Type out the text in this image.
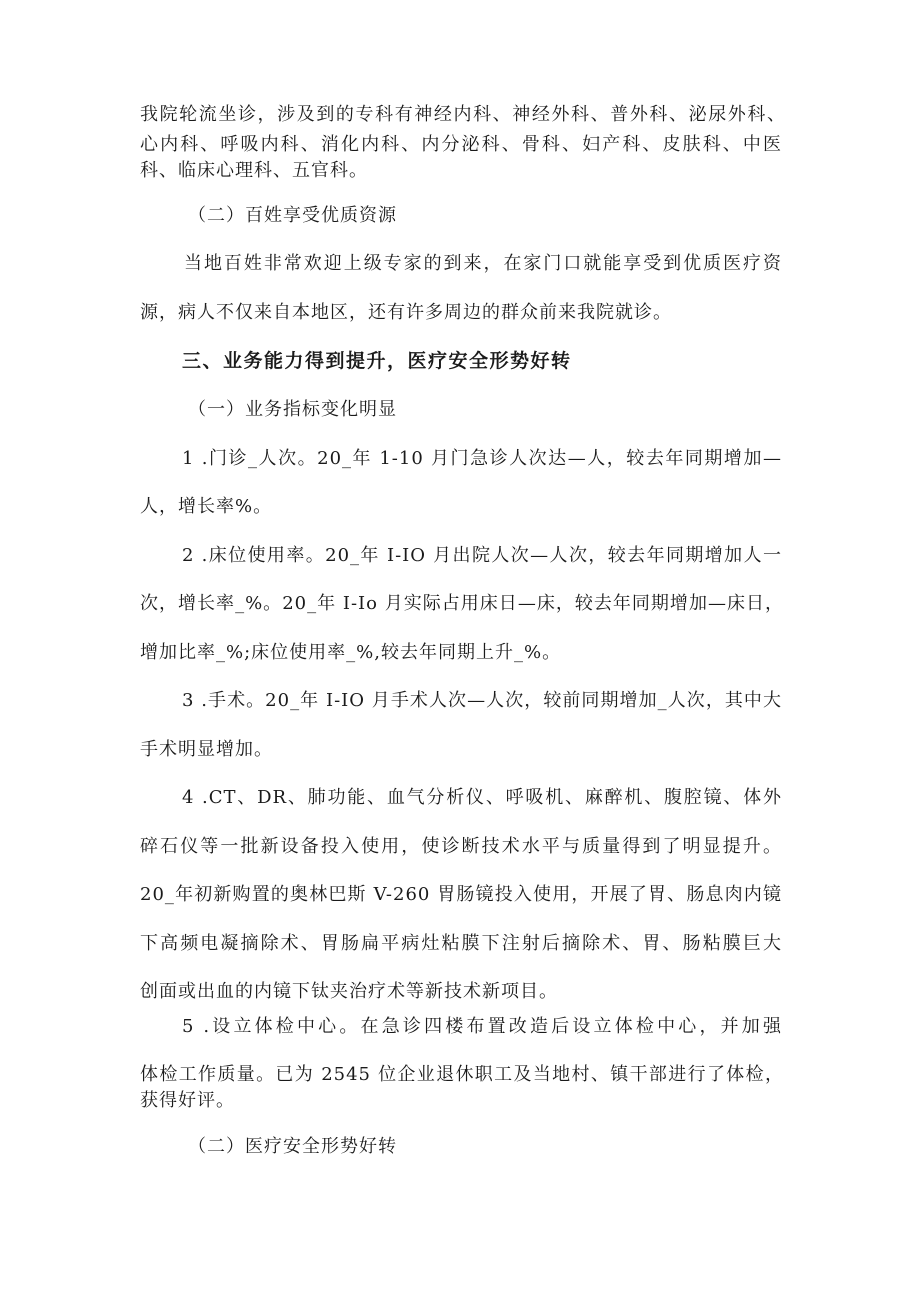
我院轮流坐诊，涉及到的专科有神经内科、神经外科、普外科、泌尿外科、
心内科、呼吸内科、消化内科、内分泌科、骨科、妇产科、皮肤科、中医
科、临床心理科、五官科。
（二）百姓享受优质资源
当地百姓非常欢迎上级专家的到来，在家门口就能享受到优质医疗资
源，病人不仅来自本地区，还有许多周边的群众前来我院就诊。
三、业务能力得到提升，医疗安全形势好转
（一）业务指标变化明显
1 .门诊_人次。20_年 1-10 月门急诊人次达—人，较去年同期增加—
人，增长率%。
2 .床位使用率。20_年 I-IO 月出院人次—人次，较去年同期增加人一
次，增长率_%。20_年 I-Io 月实际占用床日—床，较去年同期增加—床日，
增加比率_%;床位使用率_%,较去年同期上升_%。
3 .手术。20_年 I-IO 月手术人次—人次，较前同期增加_人次，其中大
手术明显增加。
4 .CT、DR、肺功能、血气分析仪、呼吸机、麻醉机、腹腔镜、体外
碎石仪等一批新设备投入使用，使诊断技术水平与质量得到了明显提升。
20_年初新购置的奥林巴斯 V-260 胃肠镜投入使用，开展了胃、肠息肉内镜
下高频电凝摘除术、胃肠扁平病灶粘膜下注射后摘除术、胃、肠粘膜巨大
创面或出血的内镜下钛夹治疗术等新技术新项目。
5 .设立体检中心。在急诊四楼布置改造后设立体检中心，并加强
体检工作质量。已为 2545 位企业退休职工及当地村、镇干部进行了体检，
获得好评。
（二）医疗安全形势好转
